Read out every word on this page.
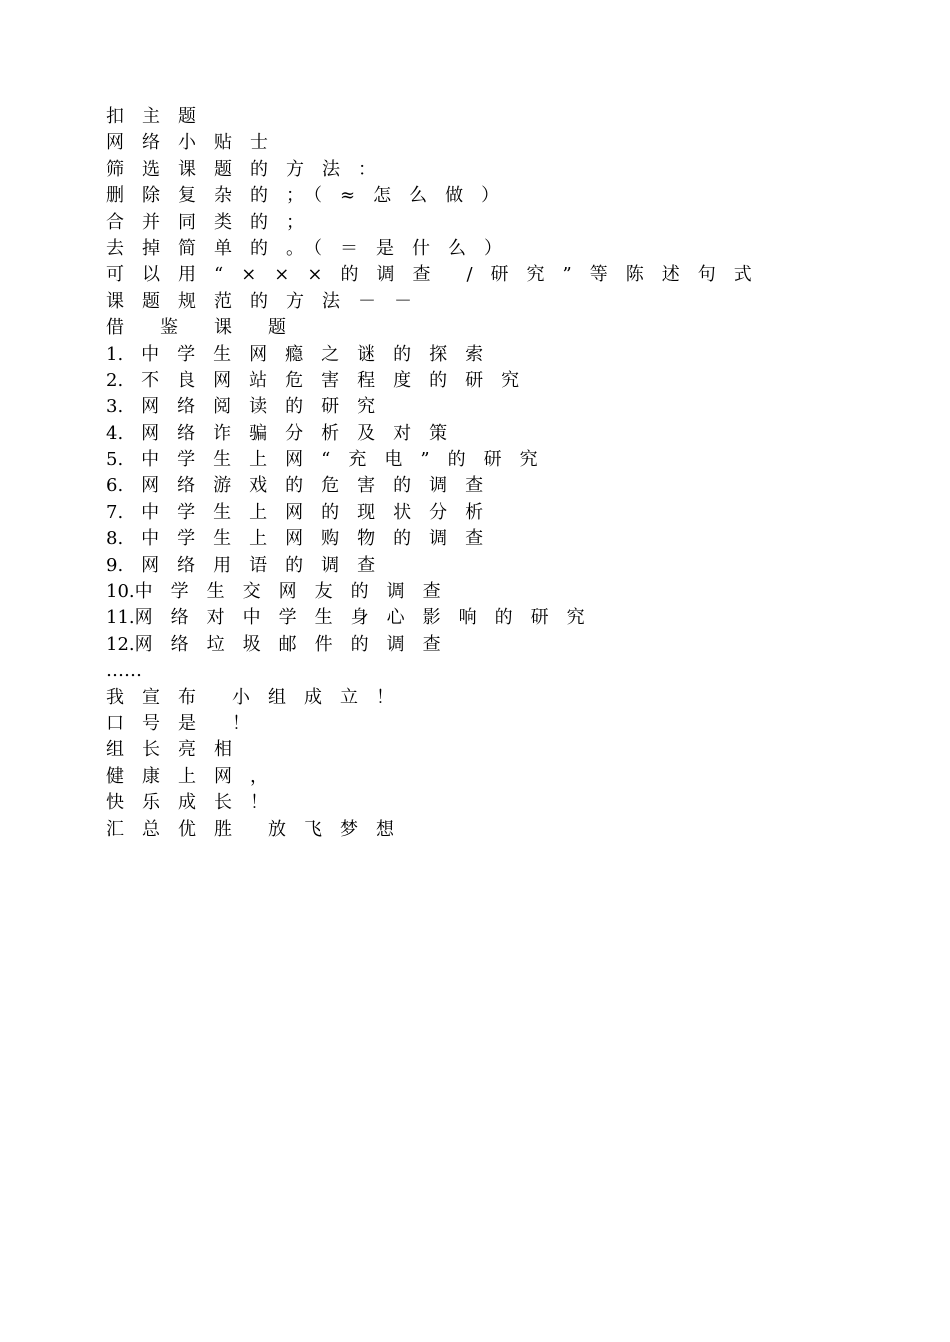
扣　主　题
网　络　小　贴　士
筛　选　课　题　的　方　法　：
删　除　复　杂　的　；　（　≈　怎　么　做　）
合　并　同　类　的　；
去　掉　简　单　的　。　（　＝　是　什　么　）
可　以　用　“　×　×　×　的　调　查　　/　研　究　”　等　陈　述　句　式
课　题　规　范　的　方　法　－　－
借　　鉴　　课　　题
1.　中　学　生　网　瘾　之　谜　的　探　索
2.　不　良　网　站　危　害　程　度　的　研　究
3.　网　络　阅　读　的　研　究
4.　网　络　诈　骗　分　析　及　对　策
5.　中　学　生　上　网　“　充　电　”　的　研　究
6.　网　络　游　戏　的　危　害　的　调　查
7.　中　学　生　上　网　的　现　状　分　析
8.　中　学　生　上　网　购　物　的　调　查
9.　网　络　用　语　的　调　查
10.中　学　生　交　网　友　的　调　查
11.网　络　对　中　学　生　身　心　影　响　的　研　究
12.网　络　垃　圾　邮　件　的　调　查
……
我　宣　布　　小　组　成　立　！
口　号　是　　！
组　长　亮　相
健　康　上　网　，
快　乐　成　长　！
汇　总　优　胜　　放　飞　梦　想
